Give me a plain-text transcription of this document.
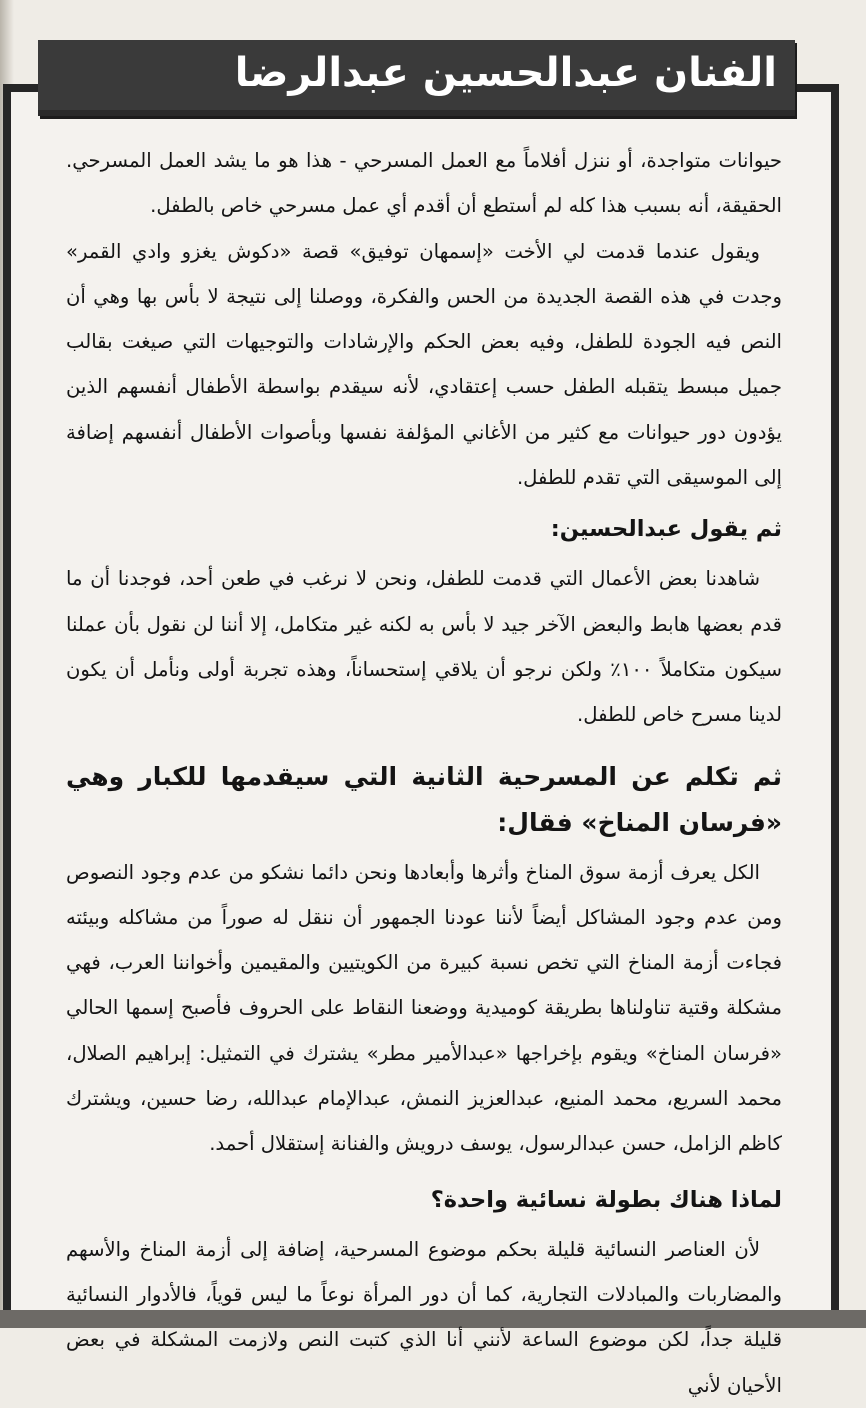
الفنان عبدالحسين عبدالرضا

حيوانات متواجدة، أو ننزل أفلاماً مع العمل المسرحي - هذا هو ما يشد العمل المسرحي. الحقيقة، أنه بسبب هذا كله لم أستطع أن أقدم أي عمل مسرحي خاص بالطفل.

ويقول عندما قدمت لي الأخت «إسمهان توفيق» قصة «دكوش يغزو وادي القمر» وجدت في هذه القصة الجديدة من الحس والفكرة، ووصلنا إلى نتيجة لا بأس بها وهي أن النص فيه الجودة للطفل، وفيه بعض الحكم والإرشادات والتوجيهات التي صيغت بقالب جميل مبسط يتقبله الطفل حسب إعتقادي، لأنه سيقدم بواسطة الأطفال أنفسهم الذين يؤدون دور حيوانات مع كثير من الأغاني المؤلفة نفسها وبأصوات الأطفال أنفسهم إضافة إلى الموسيقى التي تقدم للطفل.

ثم يقول عبدالحسين:

شاهدنا بعض الأعمال التي قدمت للطفل، ونحن لا نرغب في طعن أحد، فوجدنا أن ما قدم بعضها هابط والبعض الآخر جيد لا بأس به لكنه غير متكامل، إلا أننا لن نقول بأن عملنا سيكون متكاملاً ١٠٠٪ ولكن نرجو أن يلاقي إستحساناً، وهذه تجربة أولى ونأمل أن يكون لدينا مسرح خاص للطفل.

ثم تكلم عن المسرحية الثانية التي سيقدمها للكبار وهي «فرسان المناخ» فقال:

الكل يعرف أزمة سوق المناخ وأثرها وأبعادها ونحن دائما نشكو من عدم وجود النصوص ومن عدم وجود المشاكل أيضاً لأننا عودنا الجمهور أن ننقل له صوراً من مشاكله وبيئته فجاءت أزمة المناخ التي تخص نسبة كبيرة من الكويتيين والمقيمين وأخواننا العرب، فهي مشكلة وقتية تناولناها بطريقة كوميدية ووضعنا النقاط على الحروف فأصبح إسمها الحالي «فرسان المناخ» ويقوم بإخراجها «عبدالأمير مطر» يشترك في التمثيل: إبراهيم الصلال، محمد السريع، محمد المنيع، عبدالعزيز النمش، عبدالإمام عبدالله، رضا حسين، ويشترك كاظم الزامل، حسن عبدالرسول، يوسف درويش والفنانة إستقلال أحمد.

لماذا هناك بطولة نسائية واحدة؟

لأن العناصر النسائية قليلة بحكم موضوع المسرحية، إضافة إلى أزمة المناخ والأسهم والمضاربات والمبادلات التجارية، كما أن دور المرأة نوعاً ما ليس قوياً، فالأدوار النسائية قليلة جداً، لكن موضوع الساعة لأنني أنا الذي كتبت النص ولازمت المشكلة في بعض الأحيان لأني
